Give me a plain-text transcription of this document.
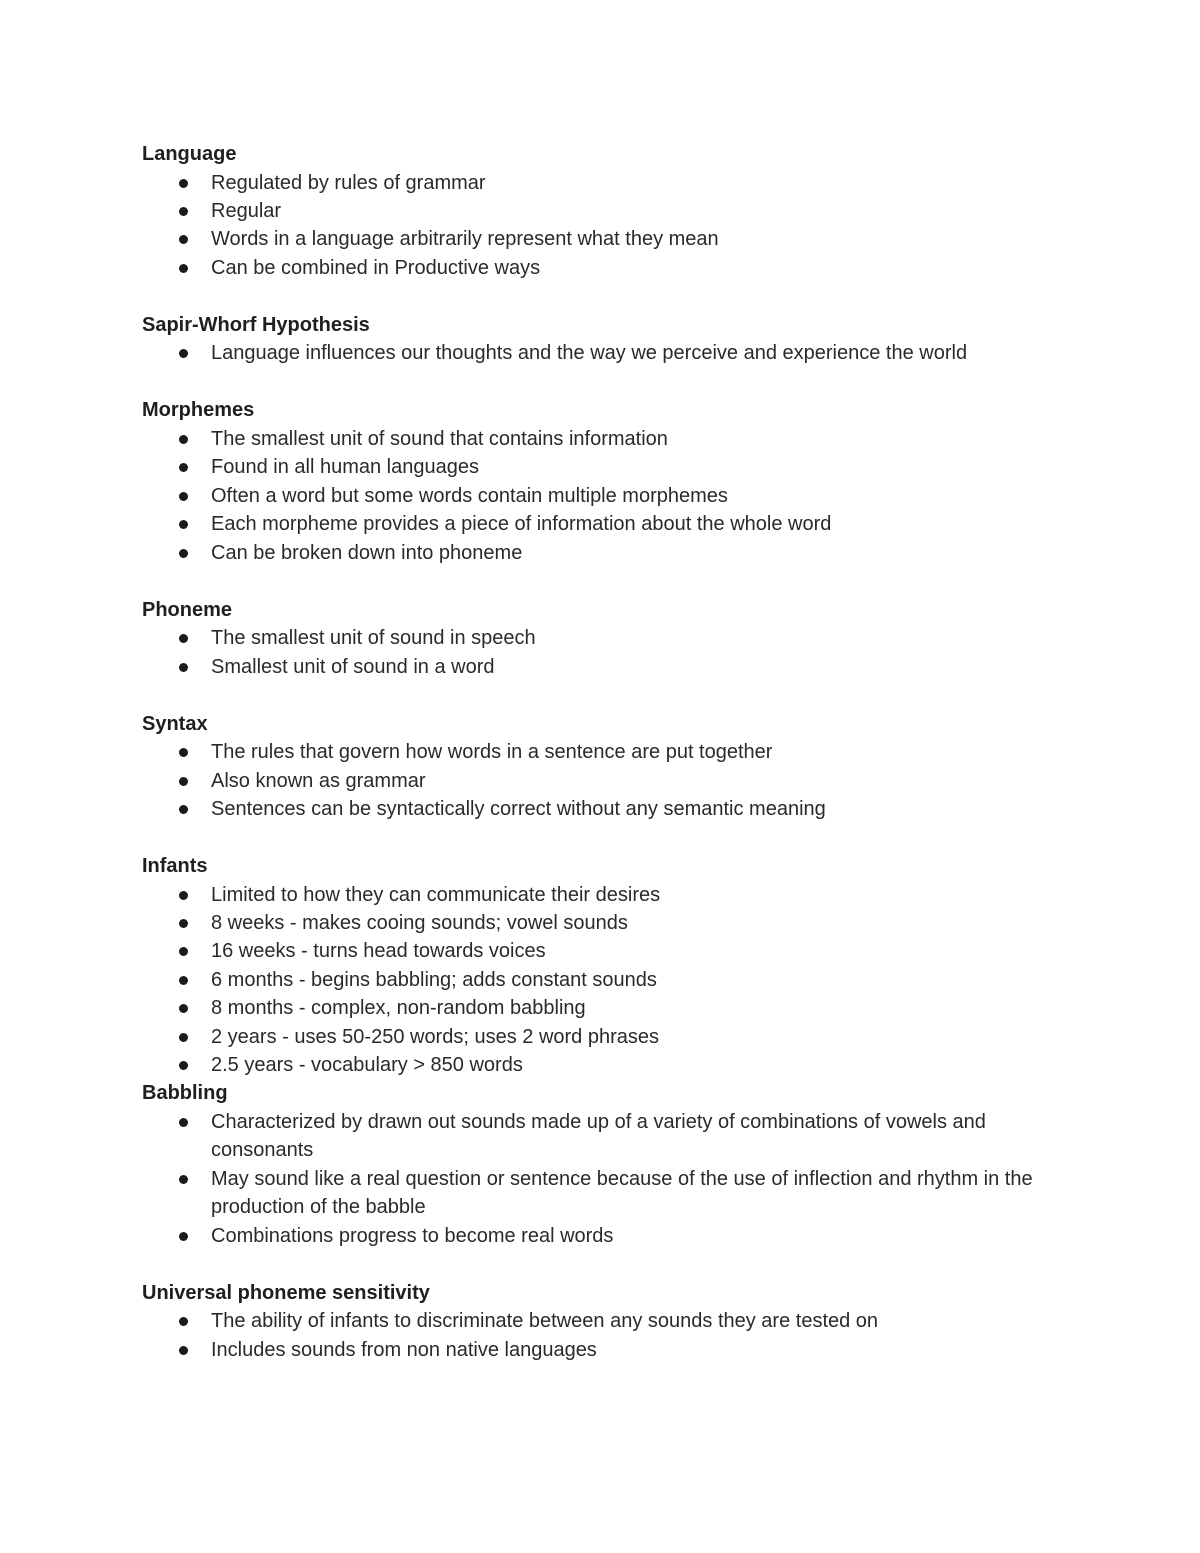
Language
Regulated by rules of grammar
Regular
Words in a language arbitrarily represent what they mean
Can be combined in Productive ways
Sapir-Whorf Hypothesis
Language influences our thoughts and the way we perceive and experience the world
Morphemes
The smallest unit of sound that contains information
Found in all human languages
Often a word but some words contain multiple morphemes
Each morpheme provides a piece of information about the whole word
Can be broken down into phoneme
Phoneme
The smallest unit of sound in speech
Smallest unit of sound in a word
Syntax
The rules that govern how words in a sentence are put together
Also known as grammar
Sentences can be syntactically correct without any semantic meaning
Infants
Limited to how they can communicate their desires
8 weeks - makes cooing sounds; vowel sounds
16 weeks - turns head towards voices
6 months - begins babbling; adds constant sounds
8 months - complex, non-random babbling
2 years - uses 50-250 words; uses 2 word phrases
2.5 years - vocabulary > 850 words
Babbling
Characterized by drawn out sounds made up of a variety of combinations of vowels and consonants
May sound like a real question or sentence because of the use of inflection and rhythm in the production of the babble
Combinations progress to become real words
Universal phoneme sensitivity
The ability of infants to discriminate between any sounds they are tested on
Includes sounds from non native languages
